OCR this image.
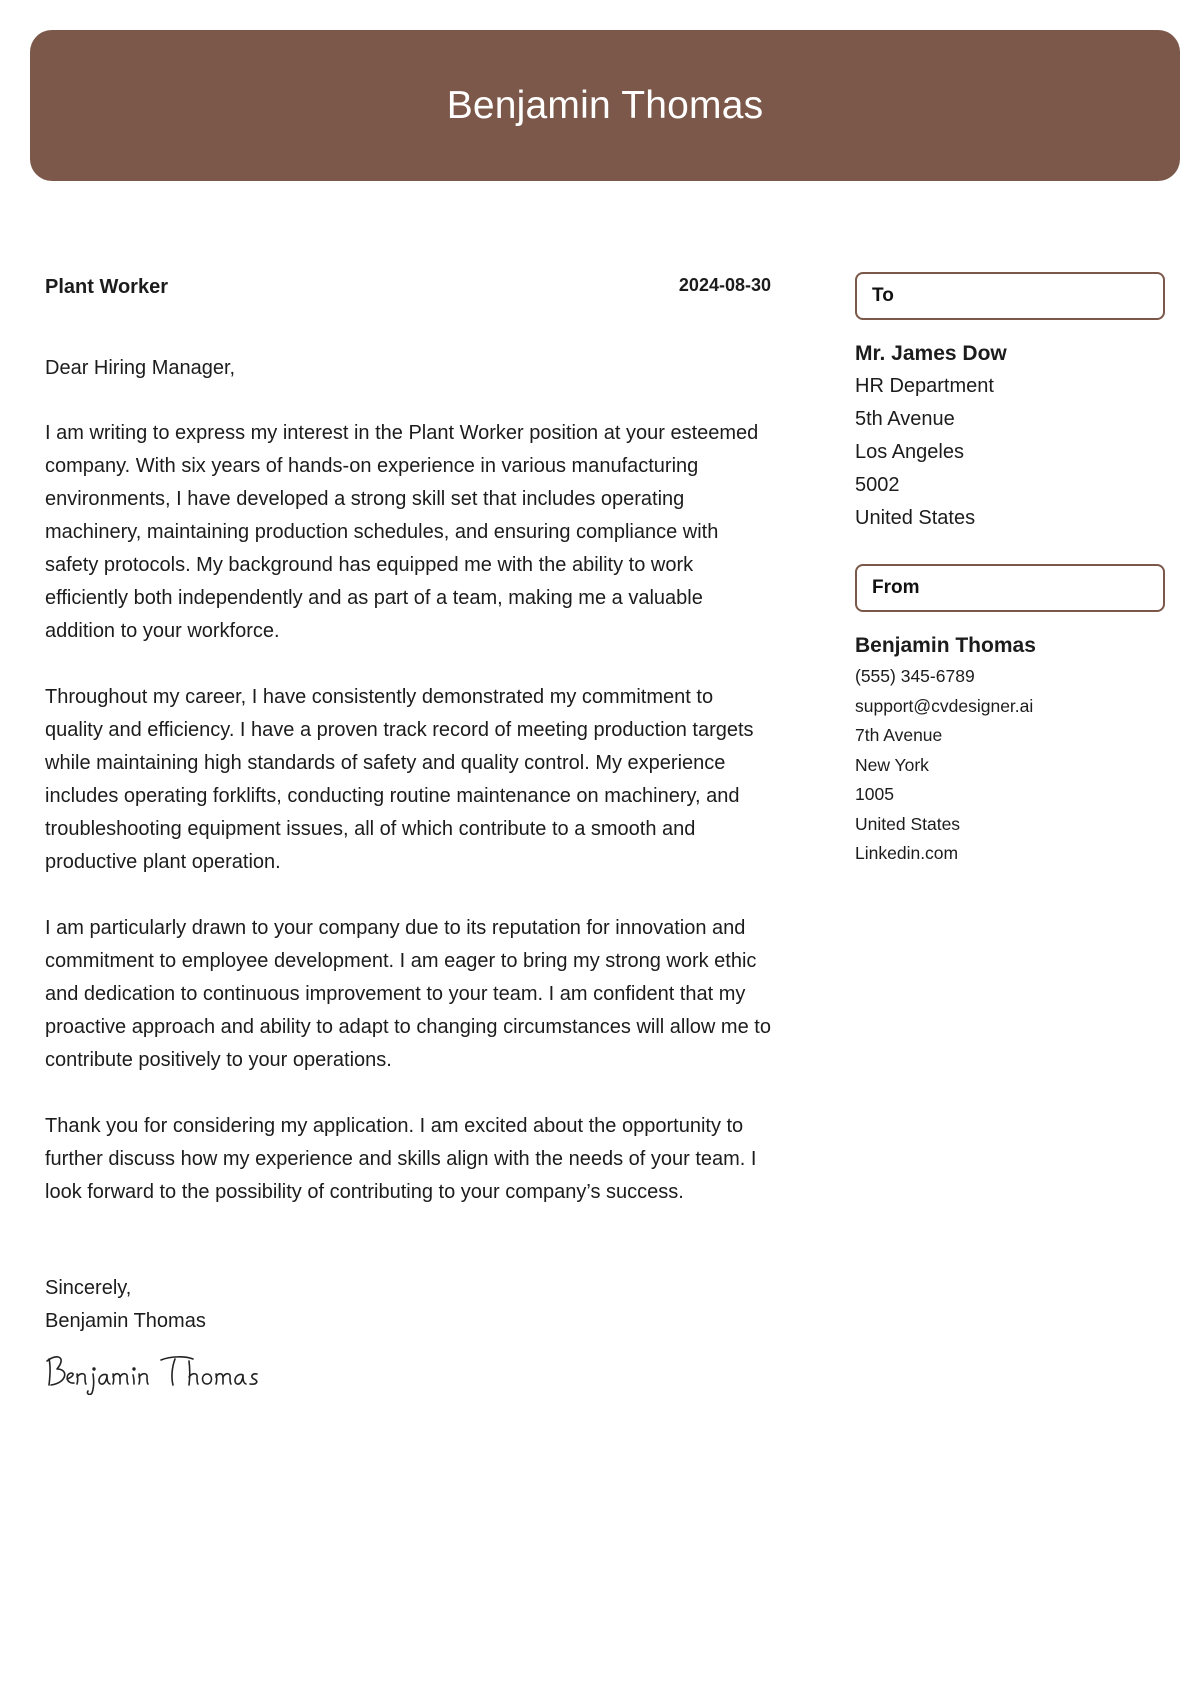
Benjamin Thomas
Plant Worker	2024-08-30

Dear Hiring Manager,

I am writing to express my interest in the Plant Worker position at your esteemed company. With six years of hands-on experience in various manufacturing environments, I have developed a strong skill set that includes operating machinery, maintaining production schedules, and ensuring compliance with safety protocols. My background has equipped me with the ability to work efficiently both independently and as part of a team, making me a valuable addition to your workforce.

Throughout my career, I have consistently demonstrated my commitment to quality and efficiency. I have a proven track record of meeting production targets while maintaining high standards of safety and quality control. My experience includes operating forklifts, conducting routine maintenance on machinery, and troubleshooting equipment issues, all of which contribute to a smooth and productive plant operation.

I am particularly drawn to your company due to its reputation for innovation and commitment to employee development. I am eager to bring my strong work ethic and dedication to continuous improvement to your team. I am confident that my proactive approach and ability to adapt to changing circumstances will allow me to contribute positively to your operations.

Thank you for considering my application. I am excited about the opportunity to further discuss how my experience and skills align with the needs of your team. I look forward to the possibility of contributing to your company’s success.

Sincerely,
Benjamin Thomas
To
Mr. James Dow
HR Department
5th Avenue
Los Angeles
5002
United States
From
Benjamin Thomas
(555) 345-6789
support@cvdesigner.ai
7th Avenue
New York
1005
United States
Linkedin.com
